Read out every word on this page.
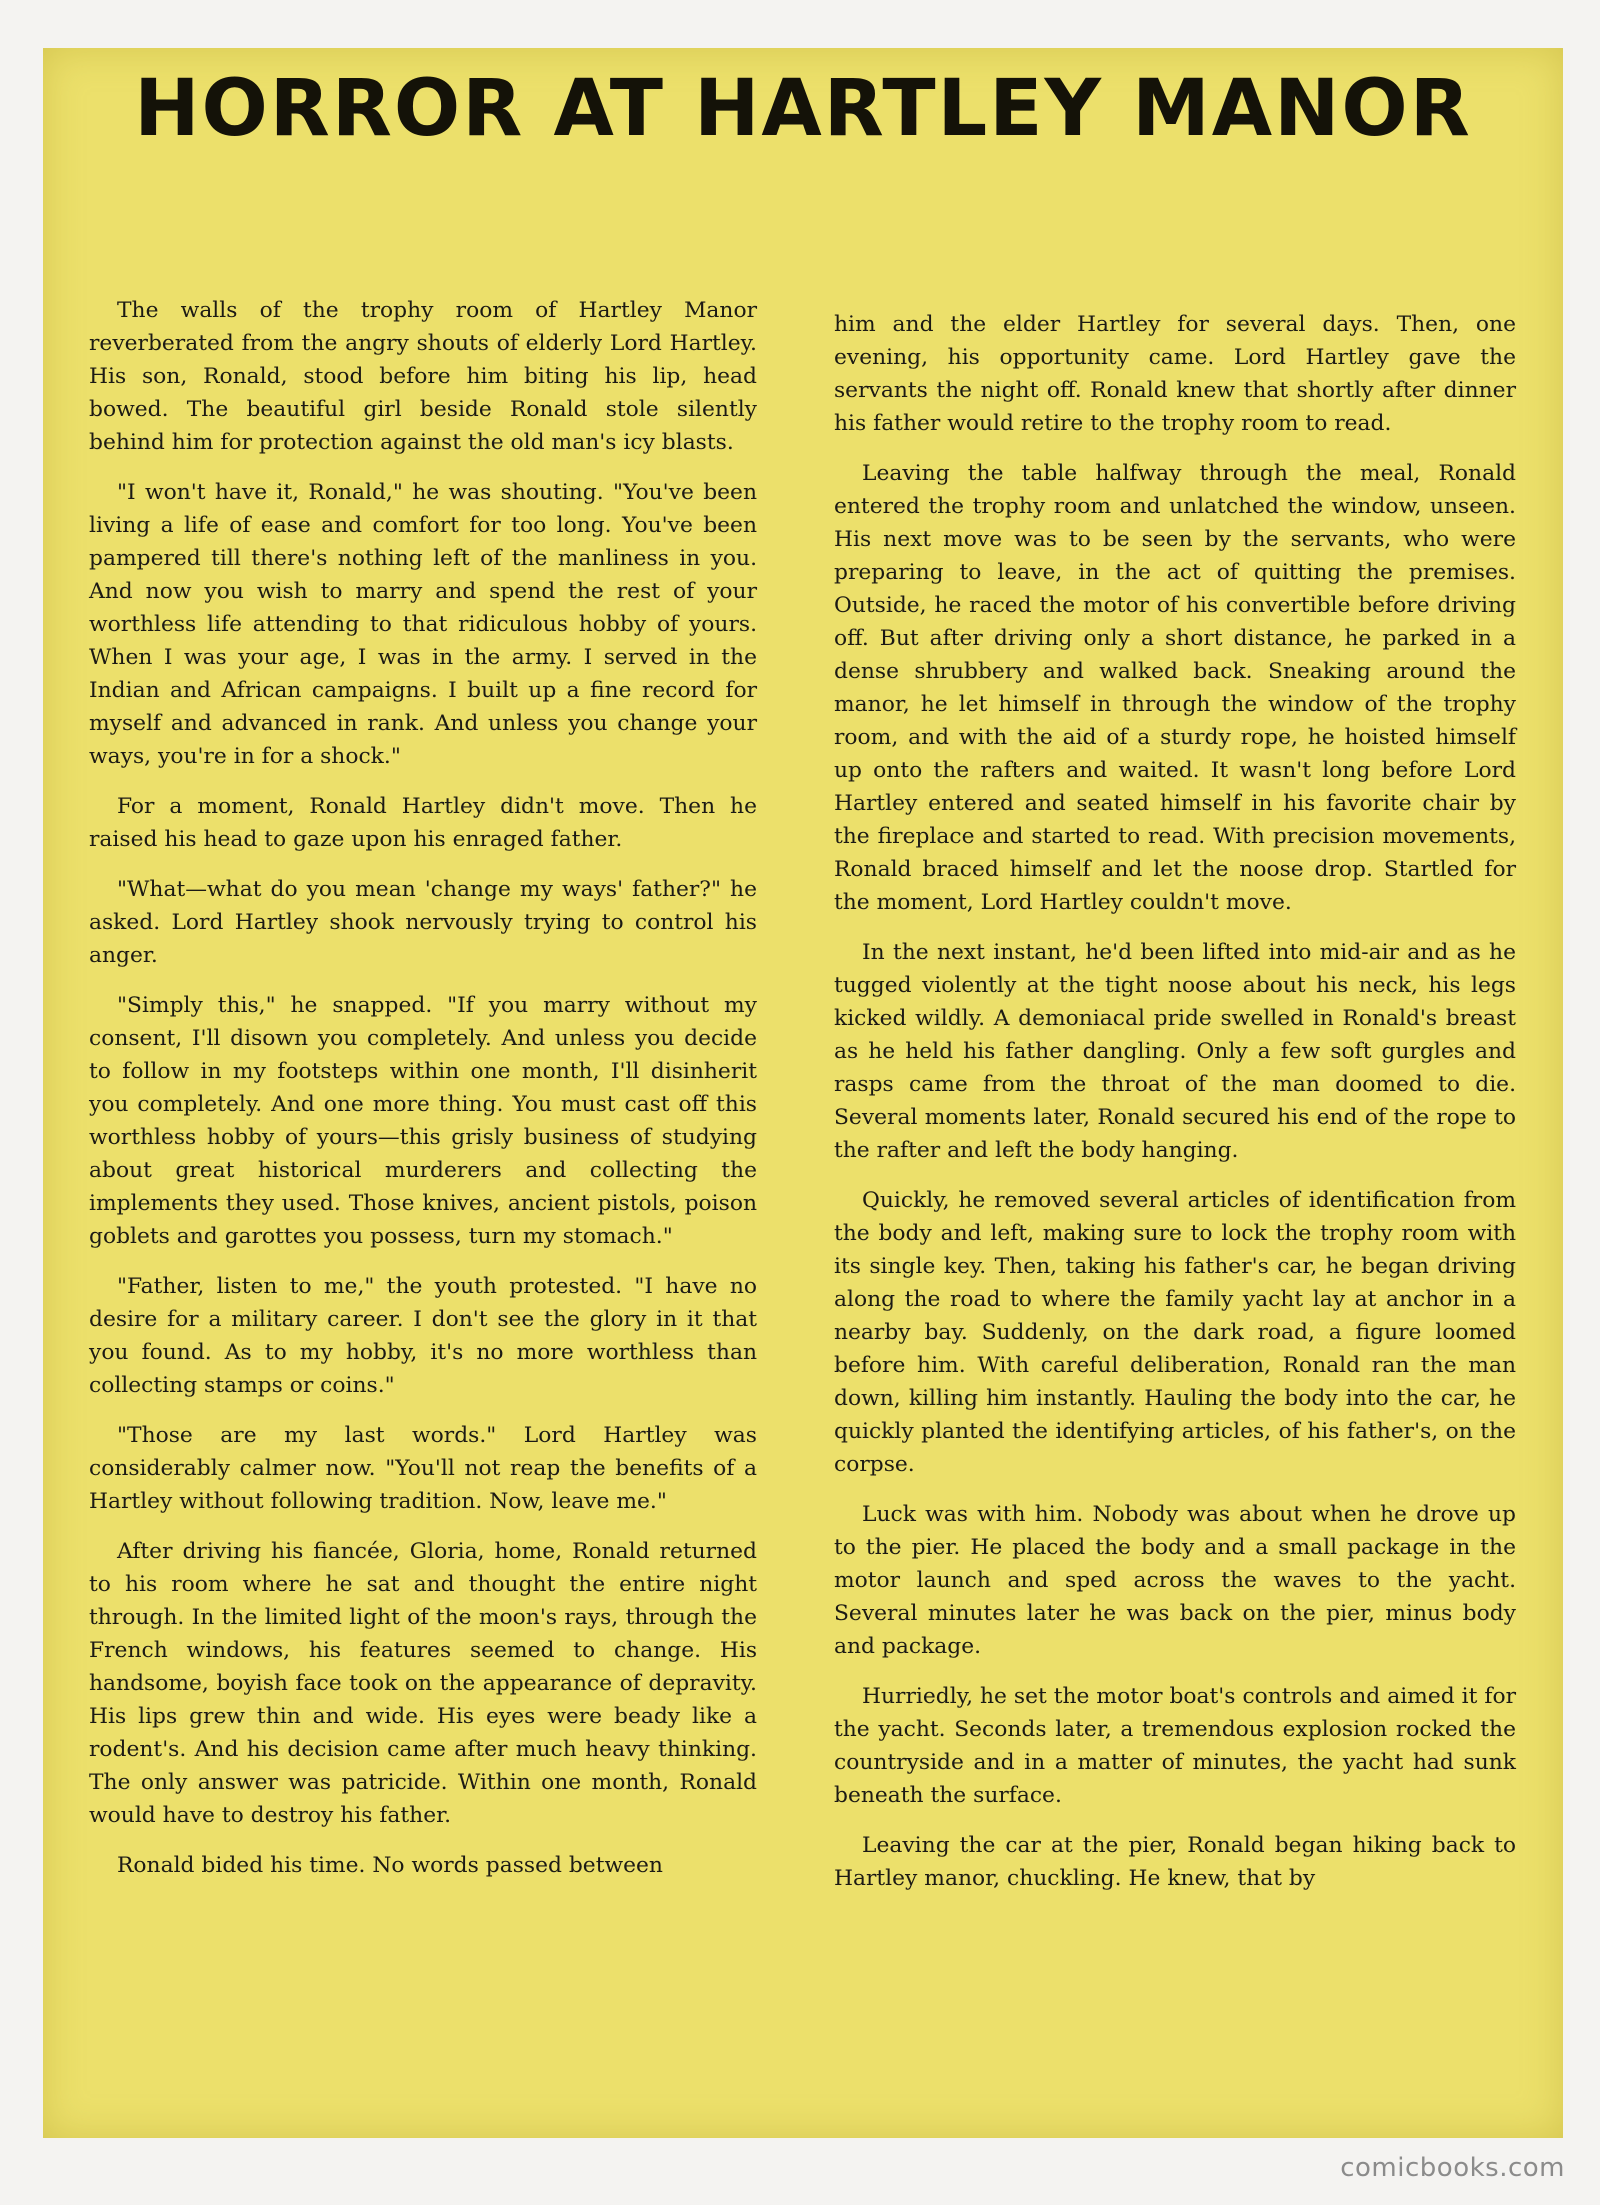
HORROR AT HARTLEY MANOR

The walls of the trophy room of Hartley Manor reverberated from the angry shouts of elderly Lord Hartley. His son, Ronald, stood before him biting his lip, head bowed. The beautiful girl beside Ronald stole silently behind him for protection against the old man's icy blasts.

"I won't have it, Ronald," he was shouting. "You've been living a life of ease and comfort for too long. You've been pampered till there's nothing left of the manliness in you. And now you wish to marry and spend the rest of your worthless life attending to that ridiculous hobby of yours. When I was your age, I was in the army. I served in the Indian and African campaigns. I built up a fine record for myself and advanced in rank. And unless you change your ways, you're in for a shock."

For a moment, Ronald Hartley didn't move. Then he raised his head to gaze upon his enraged father.

"What—what do you mean 'change my ways' father?" he asked. Lord Hartley shook nervously trying to control his anger.

"Simply this," he snapped. "If you marry without my consent, I'll disown you completely. And unless you decide to follow in my footsteps within one month, I'll disinherit you completely. And one more thing. You must cast off this worthless hobby of yours—this grisly business of studying about great historical murderers and collecting the implements they used. Those knives, ancient pistols, poison goblets and garottes you possess, turn my stomach."

"Father, listen to me," the youth protested. "I have no desire for a military career. I don't see the glory in it that you found. As to my hobby, it's no more worthless than collecting stamps or coins."

"Those are my last words." Lord Hartley was considerably calmer now. "You'll not reap the benefits of a Hartley without following tradition. Now, leave me."

After driving his fiancée, Gloria, home, Ronald returned to his room where he sat and thought the entire night through. In the limited light of the moon's rays, through the French windows, his features seemed to change. His handsome, boyish face took on the appearance of depravity. His lips grew thin and wide. His eyes were beady like a rodent's. And his decision came after much heavy thinking. The only answer was patricide. Within one month, Ronald would have to destroy his father.

Ronald bided his time. No words passed between

him and the elder Hartley for several days. Then, one evening, his opportunity came. Lord Hartley gave the servants the night off. Ronald knew that shortly after dinner his father would retire to the trophy room to read.

Leaving the table halfway through the meal, Ronald entered the trophy room and unlatched the window, unseen. His next move was to be seen by the servants, who were preparing to leave, in the act of quitting the premises. Outside, he raced the motor of his convertible before driving off. But after driving only a short distance, he parked in a dense shrubbery and walked back. Sneaking around the manor, he let himself in through the window of the trophy room, and with the aid of a sturdy rope, he hoisted himself up onto the rafters and waited. It wasn't long before Lord Hartley entered and seated himself in his favorite chair by the fireplace and started to read. With precision movements, Ronald braced himself and let the noose drop. Startled for the moment, Lord Hartley couldn't move.

In the next instant, he'd been lifted into mid-air and as he tugged violently at the tight noose about his neck, his legs kicked wildly. A demoniacal pride swelled in Ronald's breast as he held his father dangling. Only a few soft gurgles and rasps came from the throat of the man doomed to die. Several moments later, Ronald secured his end of the rope to the rafter and left the body hanging.

Quickly, he removed several articles of identification from the body and left, making sure to lock the trophy room with its single key. Then, taking his father's car, he began driving along the road to where the family yacht lay at anchor in a nearby bay. Suddenly, on the dark road, a figure loomed before him. With careful deliberation, Ronald ran the man down, killing him instantly. Hauling the body into the car, he quickly planted the identifying articles, of his father's, on the corpse.

Luck was with him. Nobody was about when he drove up to the pier. He placed the body and a small package in the motor launch and sped across the waves to the yacht. Several minutes later he was back on the pier, minus body and package.

Hurriedly, he set the motor boat's controls and aimed it for the yacht. Seconds later, a tremendous explosion rocked the countryside and in a matter of minutes, the yacht had sunk beneath the surface.

Leaving the car at the pier, Ronald began hiking back to Hartley manor, chuckling. He knew, that by

comicbooks.com
